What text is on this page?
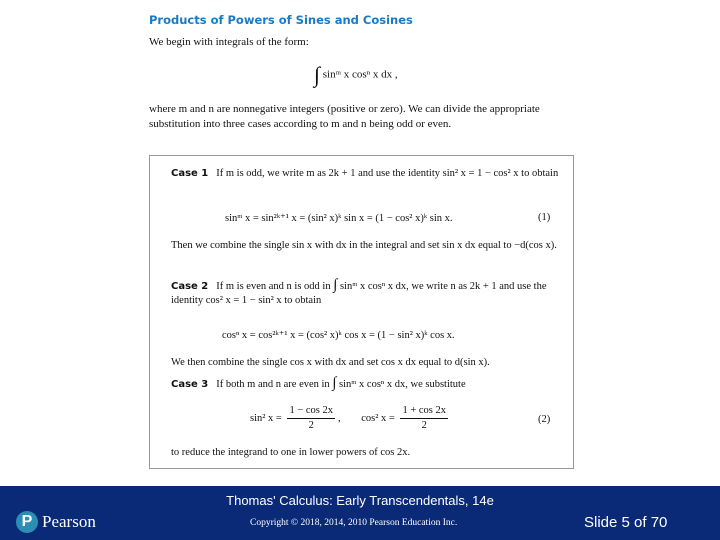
Products of Powers of Sines and Cosines
We begin with integrals of the form:
∫ sinᵐ x cosⁿ x dx ,
where m and n are nonnegative integers (positive or zero). We can divide the appropriate
substitution into three cases according to m and n being odd or even.
Case 1 If m is odd, we write m as 2k + 1 and use the identity sin² x = 1 − cos² x to obtain
sinᵐ x = sin²ᵏ⁺¹ x = (sin² x)ᵏ sin x = (1 − cos² x)ᵏ sin x.	(1)
Then we combine the single sin x with dx in the integral and set sin x dx equal to −d(cos x).
Case 2 If m is even and n is odd in ∫ sinᵐ x cosⁿ x dx, we write n as 2k + 1 and use the identity cos² x = 1 − sin² x to obtain
cosⁿ x = cos²ᵏ⁺¹ x = (cos² x)ᵏ cos x = (1 − sin² x)ᵏ cos x.
We then combine the single cos x with dx and set cos x dx equal to d(sin x).
Case 3 If both m and n are even in ∫ sinᵐ x cosⁿ x dx, we substitute
sin² $x = \frac{1 - \cos 2x}{2}$ , cos² $x = \frac{1 + \cos 2x}{2}$	(2)
to reduce the integrand to one in lower powers of cos 2x.
P Pearson
Thomas' Calculus: Early Transcendentals, 14e
Copyright © 2018, 2014, 2010 Pearson Education Inc.	Slide 5 of 70
